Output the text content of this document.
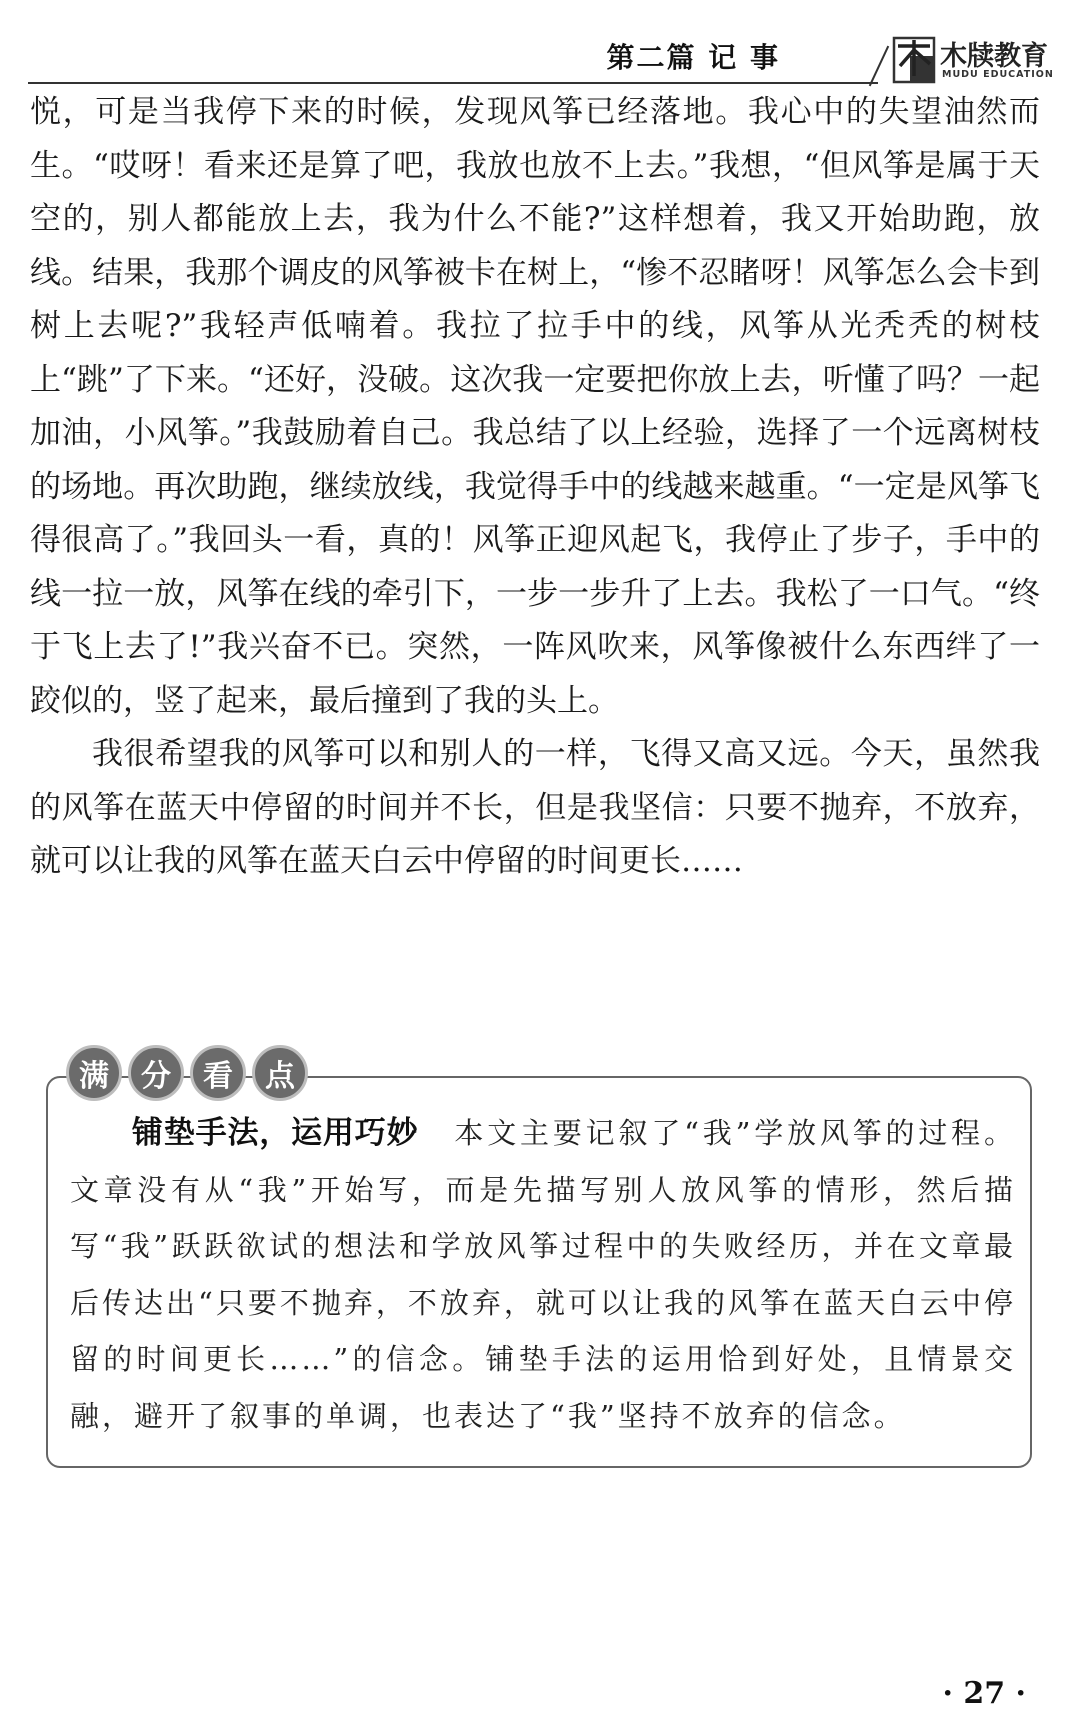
第二篇 记 事	木牍教育
MUDU EDUCATION

悦，可是当我停下来的时候，发现风筝已经落地。我心中的失望油然而生。“哎呀！看来还是算了吧，我放也放不上去。”我想，“但风筝是属于天空的，别人都能放上去，我为什么不能?”这样想着，我又开始助跑，放线。结果，我那个调皮的风筝被卡在树上，“惨不忍睹呀！风筝怎么会卡到树上去呢?”我轻声低喃着。我拉了拉手中的线，风筝从光秃秃的树枝上“跳”了下来。“还好，没破。这次我一定要把你放上去，听懂了吗？一起加油，小风筝。”我鼓励着自己。我总结了以上经验，选择了一个远离树枝的场地。再次助跑，继续放线，我觉得手中的线越来越重。“一定是风筝飞得很高了。”我回头一看，真的！风筝正迎风起飞，我停止了步子，手中的线一拉一放，风筝在线的牵引下，一步一步升了上去。我松了一口气。“终于飞上去了!”我兴奋不已。突然，一阵风吹来，风筝像被什么东西绊了一跤似的，竖了起来，最后撞到了我的头上。

我很希望我的风筝可以和别人的一样，飞得又高又远。今天，虽然我的风筝在蓝天中停留的时间并不长，但是我坚信：只要不抛弃，不放弃，就可以让我的风筝在蓝天白云中停留的时间更长……

满	分	看	点

铺垫手法，运用巧妙 本文主要记叙了“我”学放风筝的过程。文章没有从“我”开始写，而是先描写别人放风筝的情形，然后描写“我”跃跃欲试的想法和学放风筝过程中的失败经历，并在文章最后传达出“只要不抛弃，不放弃，就可以让我的风筝在蓝天白云中停留的时间更长……”的信念。铺垫手法的运用恰到好处，且情景交融，避开了叙事的单调，也表达了“我”坚持不放弃的信念。

· 27 ·
